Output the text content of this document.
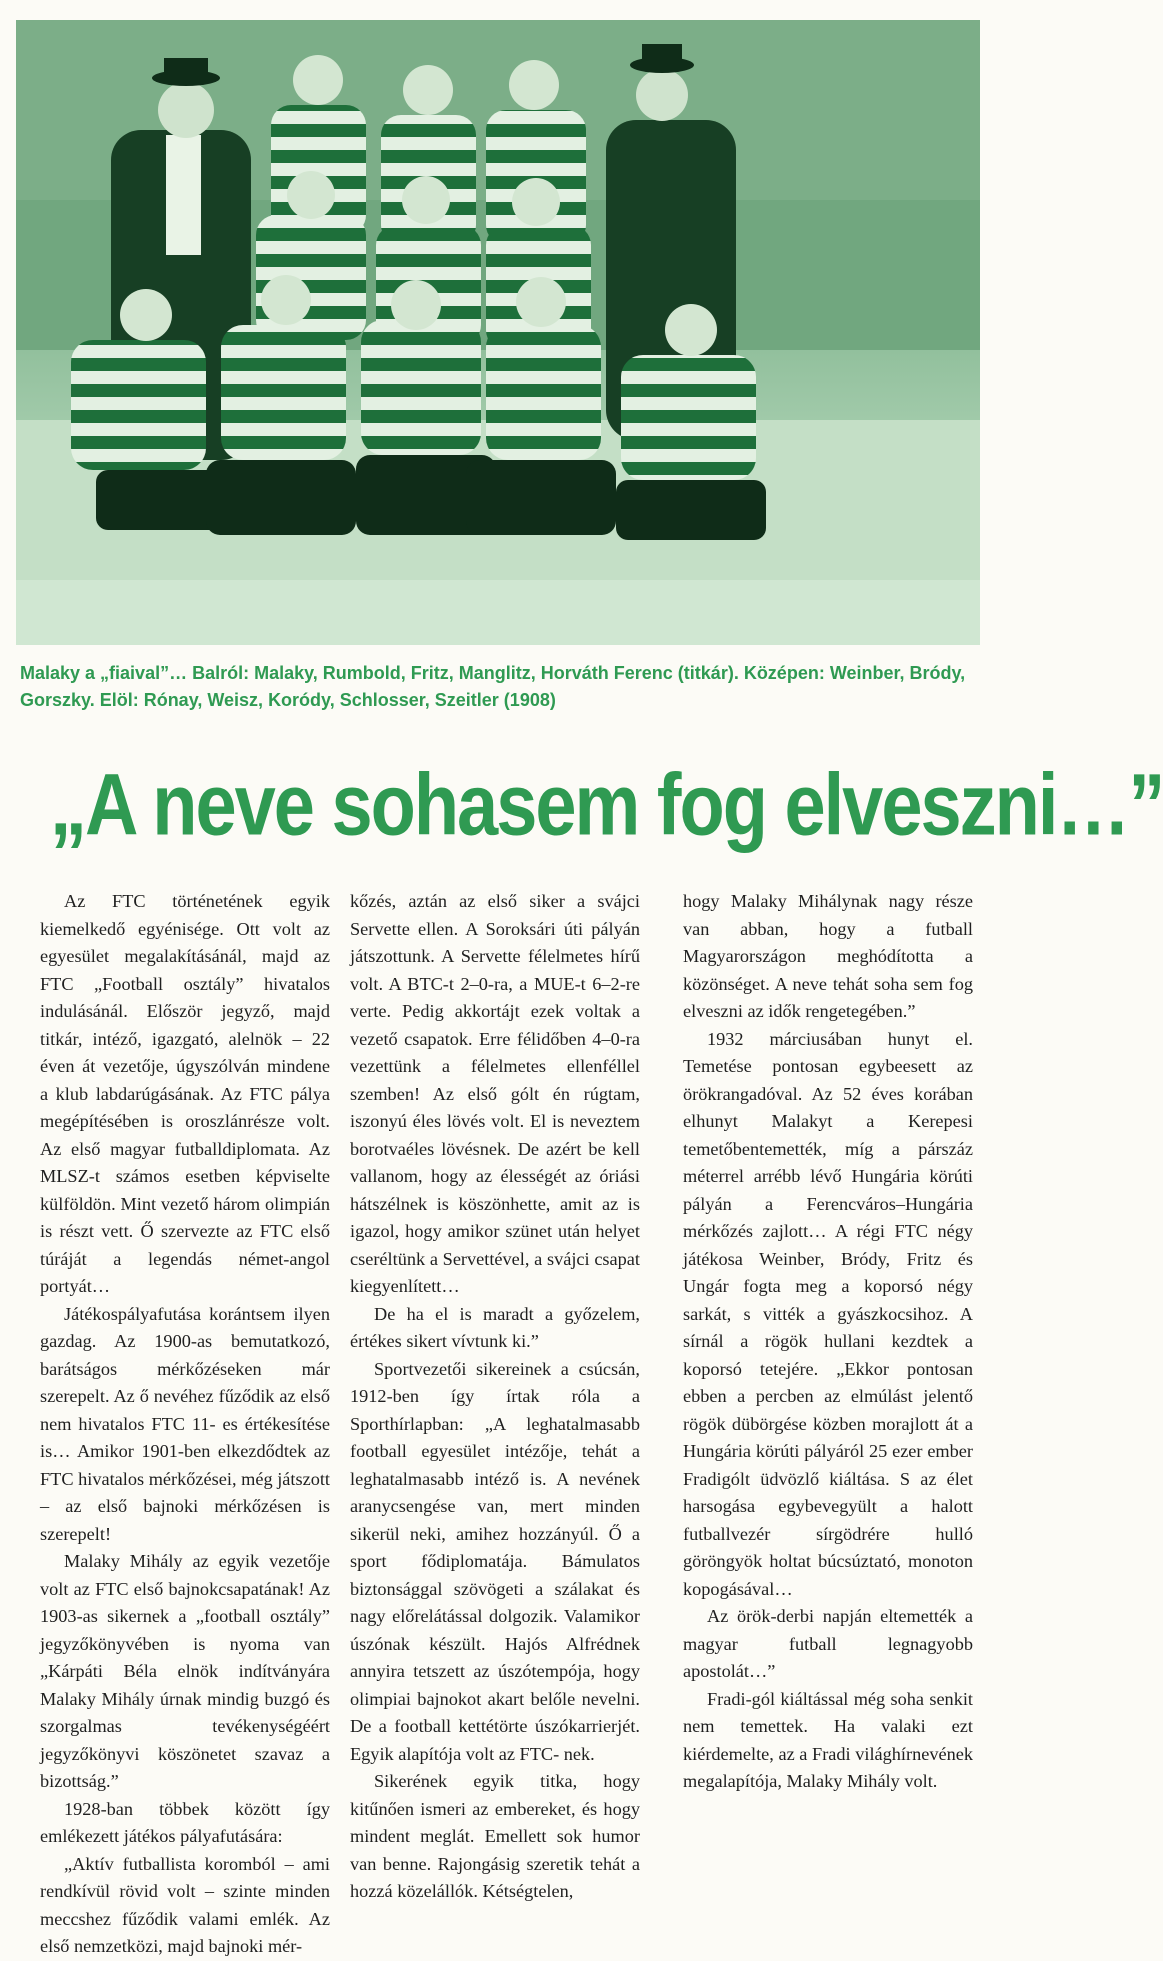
Malaky a „fiaival”… Balról: Malaky, Rumbold, Fritz, Manglitz, Horváth Ferenc (titkár). Középen: Weinber, Bródy, Gorszky. Elöl: Rónay, Weisz, Koródy, Schlosser, Szeitler (1908)
„A neve sohasem fog elveszni…”

Az FTC történetének egyik kiemelkedő egyénisége. Ott volt az egyesület megalakításánál, majd az FTC „Football osztály” hivatalos indulásánál. Először jegyző, majd titkár, intéző, igazgató, alelnök – 22 éven át vezetője, úgyszólván mindene a klub labdarúgásának. Az FTC pálya megépítésében is oroszlánrésze volt. Az első magyar futballdiplomata. Az MLSZ-t számos esetben képviselte külföldön. Mint vezető három olimpián is részt vett. Ő szervezte az FTC első túráját a legendás német-angol portyát…

Játékospályafutása korántsem ilyen gazdag. Az 1900-as bemutatkozó, barátságos mérkőzéseken már szerepelt. Az ő nevéhez fűződik az első nem hivatalos FTC 11- es értékesítése is… Amikor 1901-ben elkezdődtek az FTC hivatalos mérkőzései, még játszott – az első bajnoki mérkőzésen is szerepelt!

Malaky Mihály az egyik vezetője volt az FTC első bajnokcsapatának! Az 1903-as sikernek a „football osztály” jegyzőkönyvében is nyoma van „Kárpáti Béla elnök indítványára Malaky Mihály úrnak mindig buzgó és szorgalmas tevékenységéért jegyzőkönyvi köszönetet szavaz a bizottság.”

1928-ban többek között így emlékezett játékos pályafutására:

„Aktív futballista koromból – ami rendkívül rövid volt – szinte minden meccshez fűződik valami emlék. Az első nemzetközi, majd bajnoki mér-

kőzés, aztán az első siker a svájci Servette ellen. A Soroksári úti pályán játszottunk. A Servette félelmetes hírű volt. A BTC-t 2–0-ra, a MUE-t 6–2-re verte. Pedig akkortájt ezek voltak a vezető csapatok. Erre félidőben 4–0-ra vezettünk a félelmetes ellenféllel szemben! Az első gólt én rúgtam, iszonyú éles lövés volt. El is neveztem borotvaéles lövésnek. De azért be kell vallanom, hogy az élességét az óriási hátszélnek is köszönhette, amit az is igazol, hogy amikor szünet után helyet cseréltünk a Servettével, a svájci csapat kiegyenlített…

De ha el is maradt a győzelem, értékes sikert vívtunk ki.”

Sportvezetői sikereinek a csúcsán, 1912-ben így írtak róla a Sporthírlapban: „A leghatalmasabb football egyesület intézője, tehát a leghatalmasabb intéző is. A nevének aranycsengése van, mert minden sikerül neki, amihez hozzányúl. Ő a sport fődiplomatája. Bámulatos biztonsággal szövögeti a szálakat és nagy előrelátással dolgozik. Valamikor úszónak készült. Hajós Alfrédnek annyira tetszett az úszótempója, hogy olimpiai bajnokot akart belőle nevelni. De a football kettétörte úszókarrierjét. Egyik alapítója volt az FTC- nek.

Sikerének egyik titka, hogy kitűnően ismeri az embereket, és hogy mindent meglát. Emellett sok humor van benne. Rajongásig szeretik tehát a hozzá közelállók. Kétségtelen,

hogy Malaky Mihálynak nagy része van abban, hogy a futball Magyarországon meghódította a közönséget. A neve tehát soha sem fog elveszni az idők rengetegében.”

1932 márciusában hunyt el. Temetése pontosan egybeesett az örökrangadóval. Az 52 éves korában elhunyt Malakyt a Kerepesi temetőbentemették, míg a párszáz méterrel arrébb lévő Hungária körúti pályán a Ferencváros–Hungária mérkőzés zajlott… A régi FTC négy játékosa Weinber, Bródy, Fritz és Ungár fogta meg a koporsó négy sarkát, s vitték a gyászkocsihoz. A sírnál a rögök hullani kezdtek a koporsó tetejére. „Ekkor pontosan ebben a percben az elmúlást jelentő rögök dübörgése közben morajlott át a Hungária körúti pályáról 25 ezer ember Fradigólt üdvözlő kiáltása. S az élet harsogása egybevegyült a halott futballvezér sírgödrére hulló göröngyök holtat búcsúztató, monoton kopogásával…

Az örök-derbi napján eltemették a magyar futball legnagyobb apostolát…”

Fradi-gól kiáltással még soha senkit nem temettek. Ha valaki ezt kiérdemelte, az a Fradi világhírnevének megalapítója, Malaky Mihály volt.
